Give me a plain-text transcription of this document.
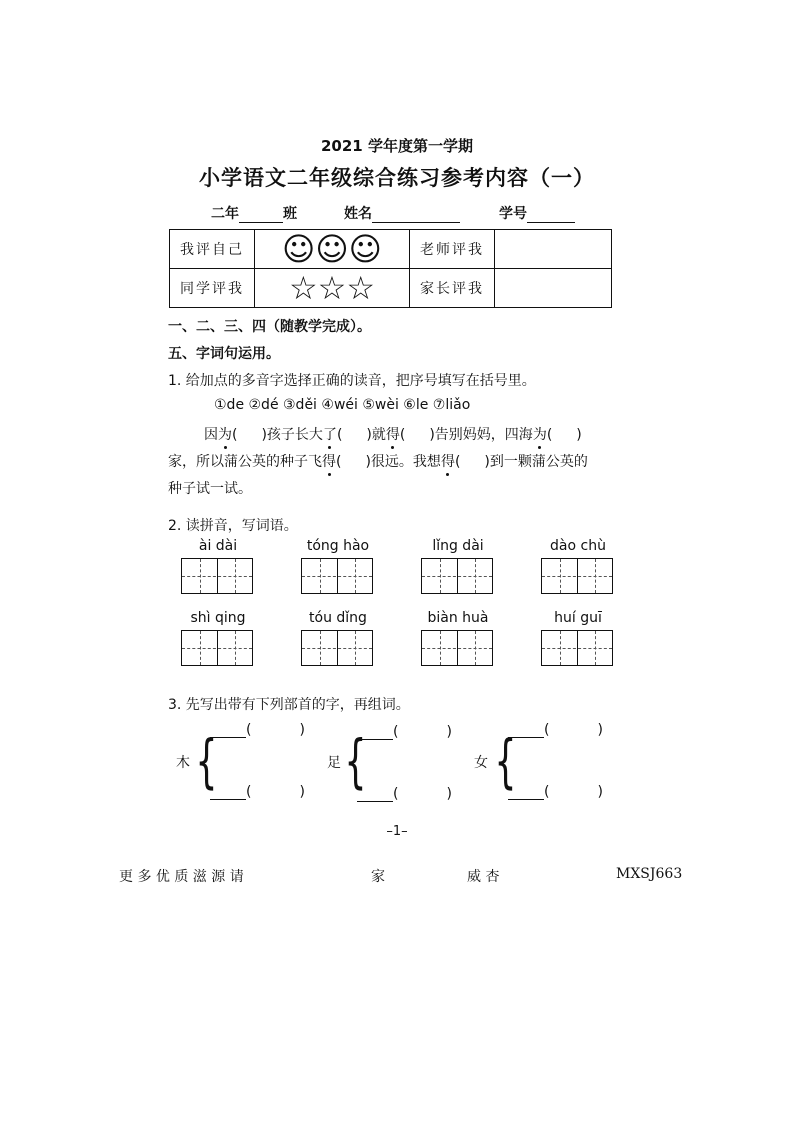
2021 学年度第一学期
小学语文二年级综合练习参考内容（一）
二年	班	姓名	学号
我评自己	☺☺☺	老师评我	
同学评我	☆☆☆	家长评我	
一、二、三、四（随教学完成）。
五、字词句运用。
1. 给加点的多音字选择正确的读音，把序号填写在括号里。
①de ②dé ③děi ④wéi ⑤wèi ⑥le ⑦liǎo
因为( )孩子长大了( )就得( )告别妈妈，四海为( )
家，所以蒲公英的种子飞得( )很远。我想得( )到一颗蒲公英的
种子试一试。
2. 读拼音，写词语。
ài dài	tóng hào	lǐng dài	dào chù
shì qing	tóu dǐng	biàn huà	huí guī
3. 先写出带有下列部首的字，再组词。
木 {	(	)
(	)
足 {	(	)
(	)
女 {	(	)
(	)
–1–
更 多 优 质 滋 源 请	家	威 杏	MXSJ663
